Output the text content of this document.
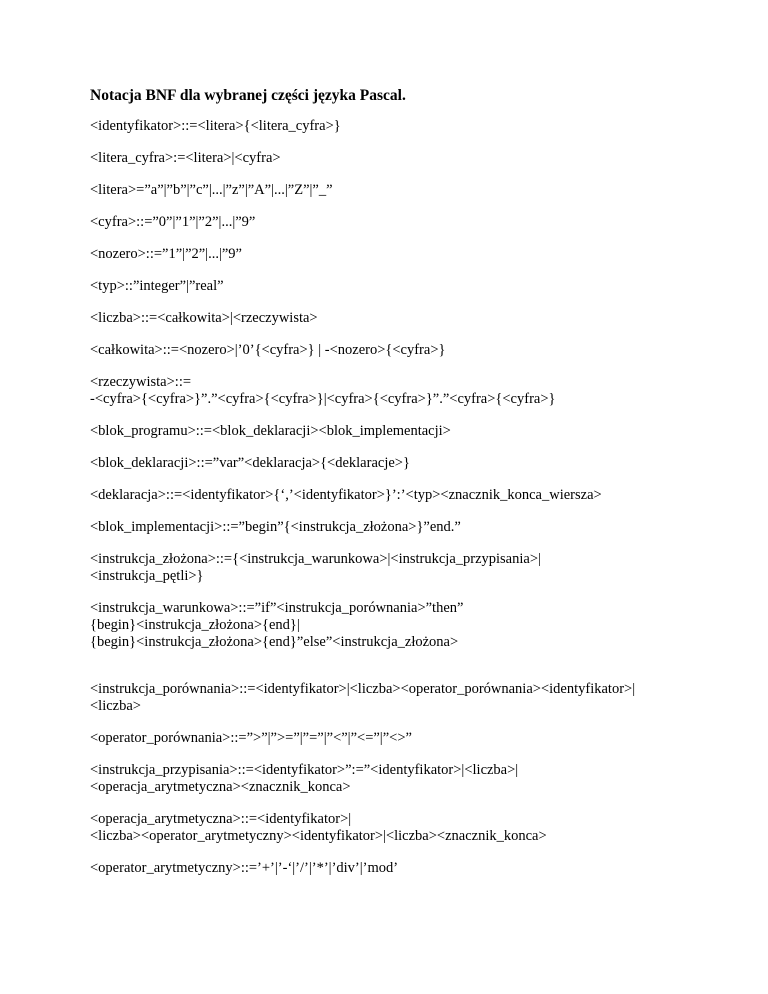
Notacja BNF dla wybranej części języka Pascal.

<identyfikator>::=<litera>{<litera_cyfra>}

<litera_cyfra>:=<litera>|<cyfra>

<litera>=”a”|”b”|”c”|...|”z”|”A”|...|”Z”|”_”

<cyfra>::=”0”|”1”|”2”|...|”9”

<nozero>::=”1”|”2”|...|”9”

<typ>::”integer”|”real”

<liczba>::=<całkowita>|<rzeczywista>

<całkowita>::=<nozero>|’0’{<cyfra>} | -<nozero>{<cyfra>}

<rzeczywista>::=
-<cyfra>{<cyfra>}”.”<cyfra>{<cyfra>}|<cyfra>{<cyfra>}”.”<cyfra>{<cyfra>}

<blok_programu>::=<blok_deklaracji><blok_implementacji>

<blok_deklaracji>::=”var”<deklaracja>{<deklaracje>}

<deklaracja>::=<identyfikator>{‘,’<identyfikator>}’:’<typ><znacznik_konca_wiersza>

<blok_implementacji>::=”begin”{<instrukcja_złożona>}”end.”

<instrukcja_złożona>::={<instrukcja_warunkowa>|<instrukcja_przypisania>|
<instrukcja_pętli>}

<instrukcja_warunkowa>::=”if”<instrukcja_porównania>”then”
{begin}<instrukcja_złożona>{end}|
{begin}<instrukcja_złożona>{end}”else”<instrukcja_złożona>

<instrukcja_porównania>::=<identyfikator>|<liczba><operator_porównania><identyfikator>|
<liczba>

<operator_porównania>::=”>”|”>=”|”=”|”<”|”<=”|”<>”

<instrukcja_przypisania>::=<identyfikator>”:=”<identyfikator>|<liczba>|
<operacja_arytmetyczna><znacznik_konca>

<operacja_arytmetyczna>::=<identyfikator>|
<liczba><operator_arytmetyczny><identyfikator>|<liczba><znacznik_konca>

<operator_arytmetyczny>::=’+’|’-‘|’/’|’*’|’div’|’mod’
